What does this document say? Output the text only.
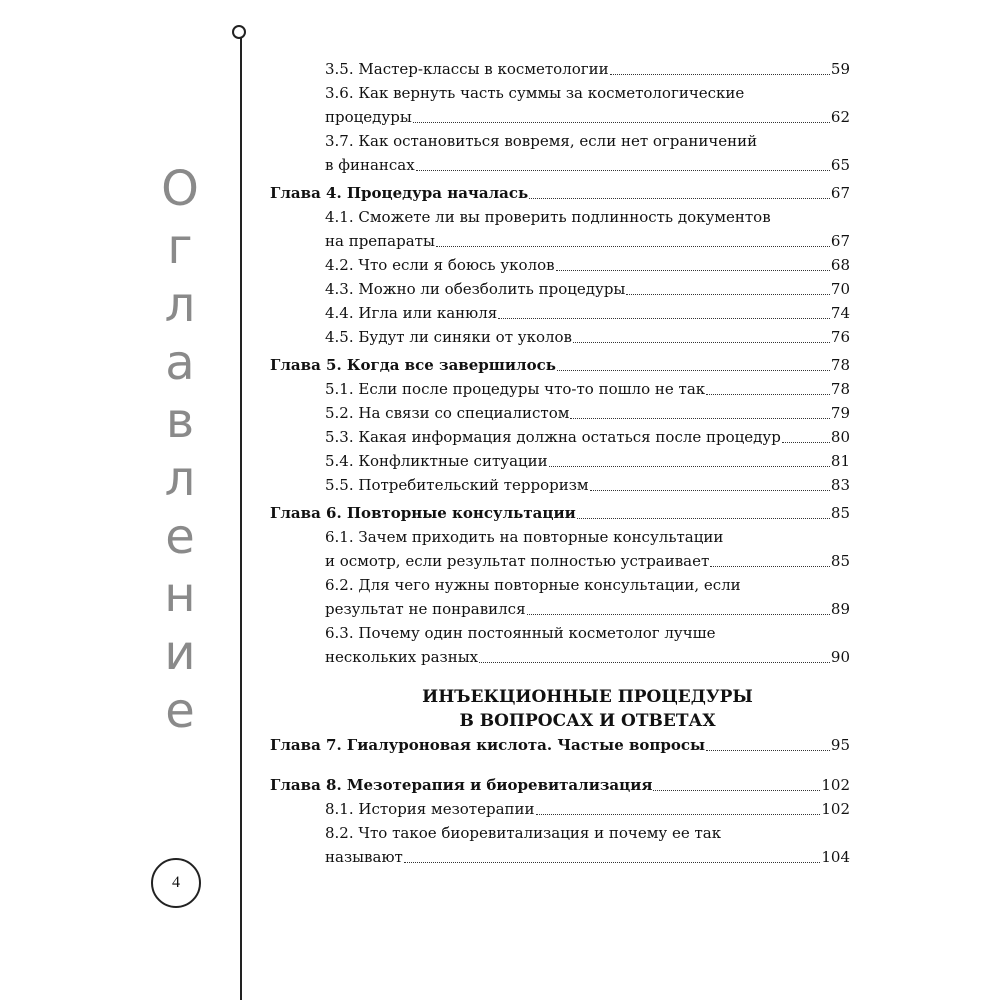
О
г
л
а
в
л
е
н
и
е
4
3.5. Мастер-классы в косметологии	59
3.6. Как вернуть часть суммы за косметологические
процедуры	62
3.7. Как остановиться вовремя, если нет ограничений
в финансах	65
Глава 4. Процедура началась	67
4.1. Сможете ли вы проверить подлинность документов
на препараты	67
4.2. Что если я боюсь уколов	68
4.3. Можно ли обезболить процедуры	70
4.4. Игла или канюля	74
4.5. Будут ли синяки от уколов	76
Глава 5. Когда все завершилось	78
5.1. Если после процедуры что-то пошло не так	78
5.2. На связи со специалистом	79
5.3. Какая информация должна остаться после процедур	80
5.4. Конфликтные ситуации	81
5.5. Потребительский терроризм	83
Глава 6. Повторные консультации	85
6.1. Зачем приходить на повторные консультации
и осмотр, если результат полностью устраивает	85
6.2. Для чего нужны повторные консультации, если
результат не понравился	89
6.3. Почему один постоянный косметолог лучше
нескольких разных	90
ИНЪЕКЦИОННЫЕ ПРОЦЕДУРЫ
В ВОПРОСАХ И ОТВЕТАХ
Глава 7. Гиалуроновая кислота. Частые вопросы	95
Глава 8. Мезотерапия и биоревитализация	102
8.1. История мезотерапии	102
8.2. Что такое биоревитализация и почему ее так
называют	104
